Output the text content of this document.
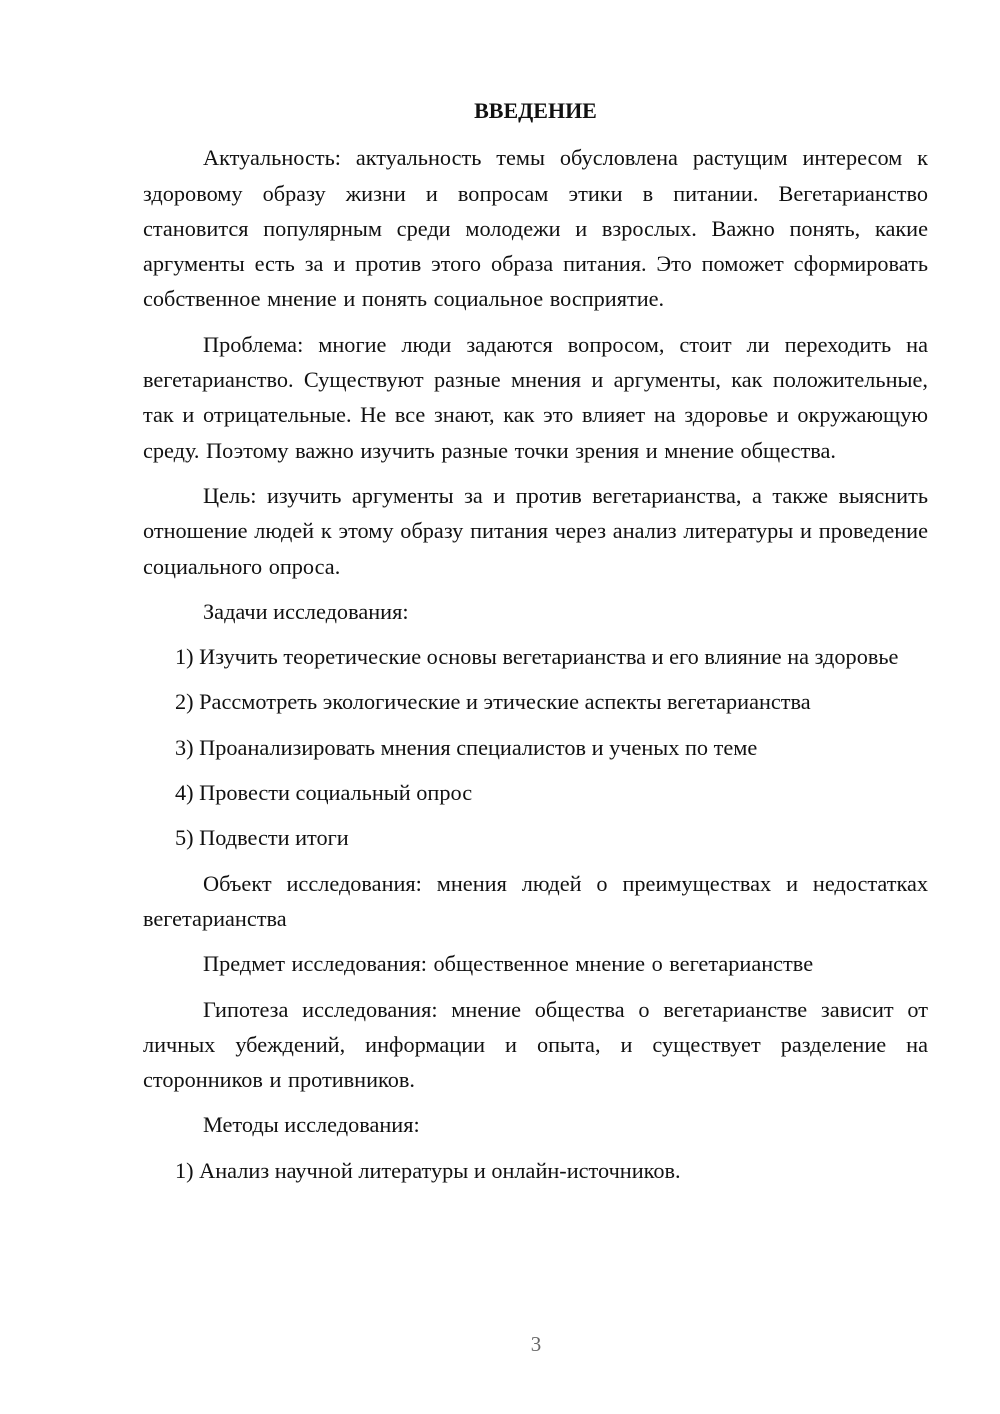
ВВЕДЕНИЕ

Актуальность: актуальность темы обусловлена растущим интересом к здоровому образу жизни и вопросам этики в питании. Вегетарианство становится популярным среди молодежи и взрослых. Важно понять, какие аргументы есть за и против этого образа питания. Это поможет сформировать собственное мнение и понять социальное восприятие.

Проблема: многие люди задаются вопросом, стоит ли переходить на вегетарианство. Существуют разные мнения и аргументы, как положительные, так и отрицательные. Не все знают, как это влияет на здоровье и окружающую среду. Поэтому важно изучить разные точки зрения и мнение общества.

Цель: изучить аргументы за и против вегетарианства, а также выяснить отношение людей к этому образу питания через анализ литературы и проведение социального опроса.

Задачи исследования:

1) Изучить теоретические основы вегетарианства и его влияние на здоровье

2) Рассмотреть экологические и этические аспекты вегетарианства

3) Проанализировать мнения специалистов и ученых по теме

4) Провести социальный опрос

5) Подвести итоги

Объект исследования: мнения людей о преимуществах и недостатках вегетарианства

Предмет исследования: общественное мнение о вегетарианстве

Гипотеза исследования: мнение общества о вегетарианстве зависит от личных убеждений, информации и опыта, и существует разделение на сторонников и противников.

Методы исследования:

1) Анализ научной литературы и онлайн-источников.

3
